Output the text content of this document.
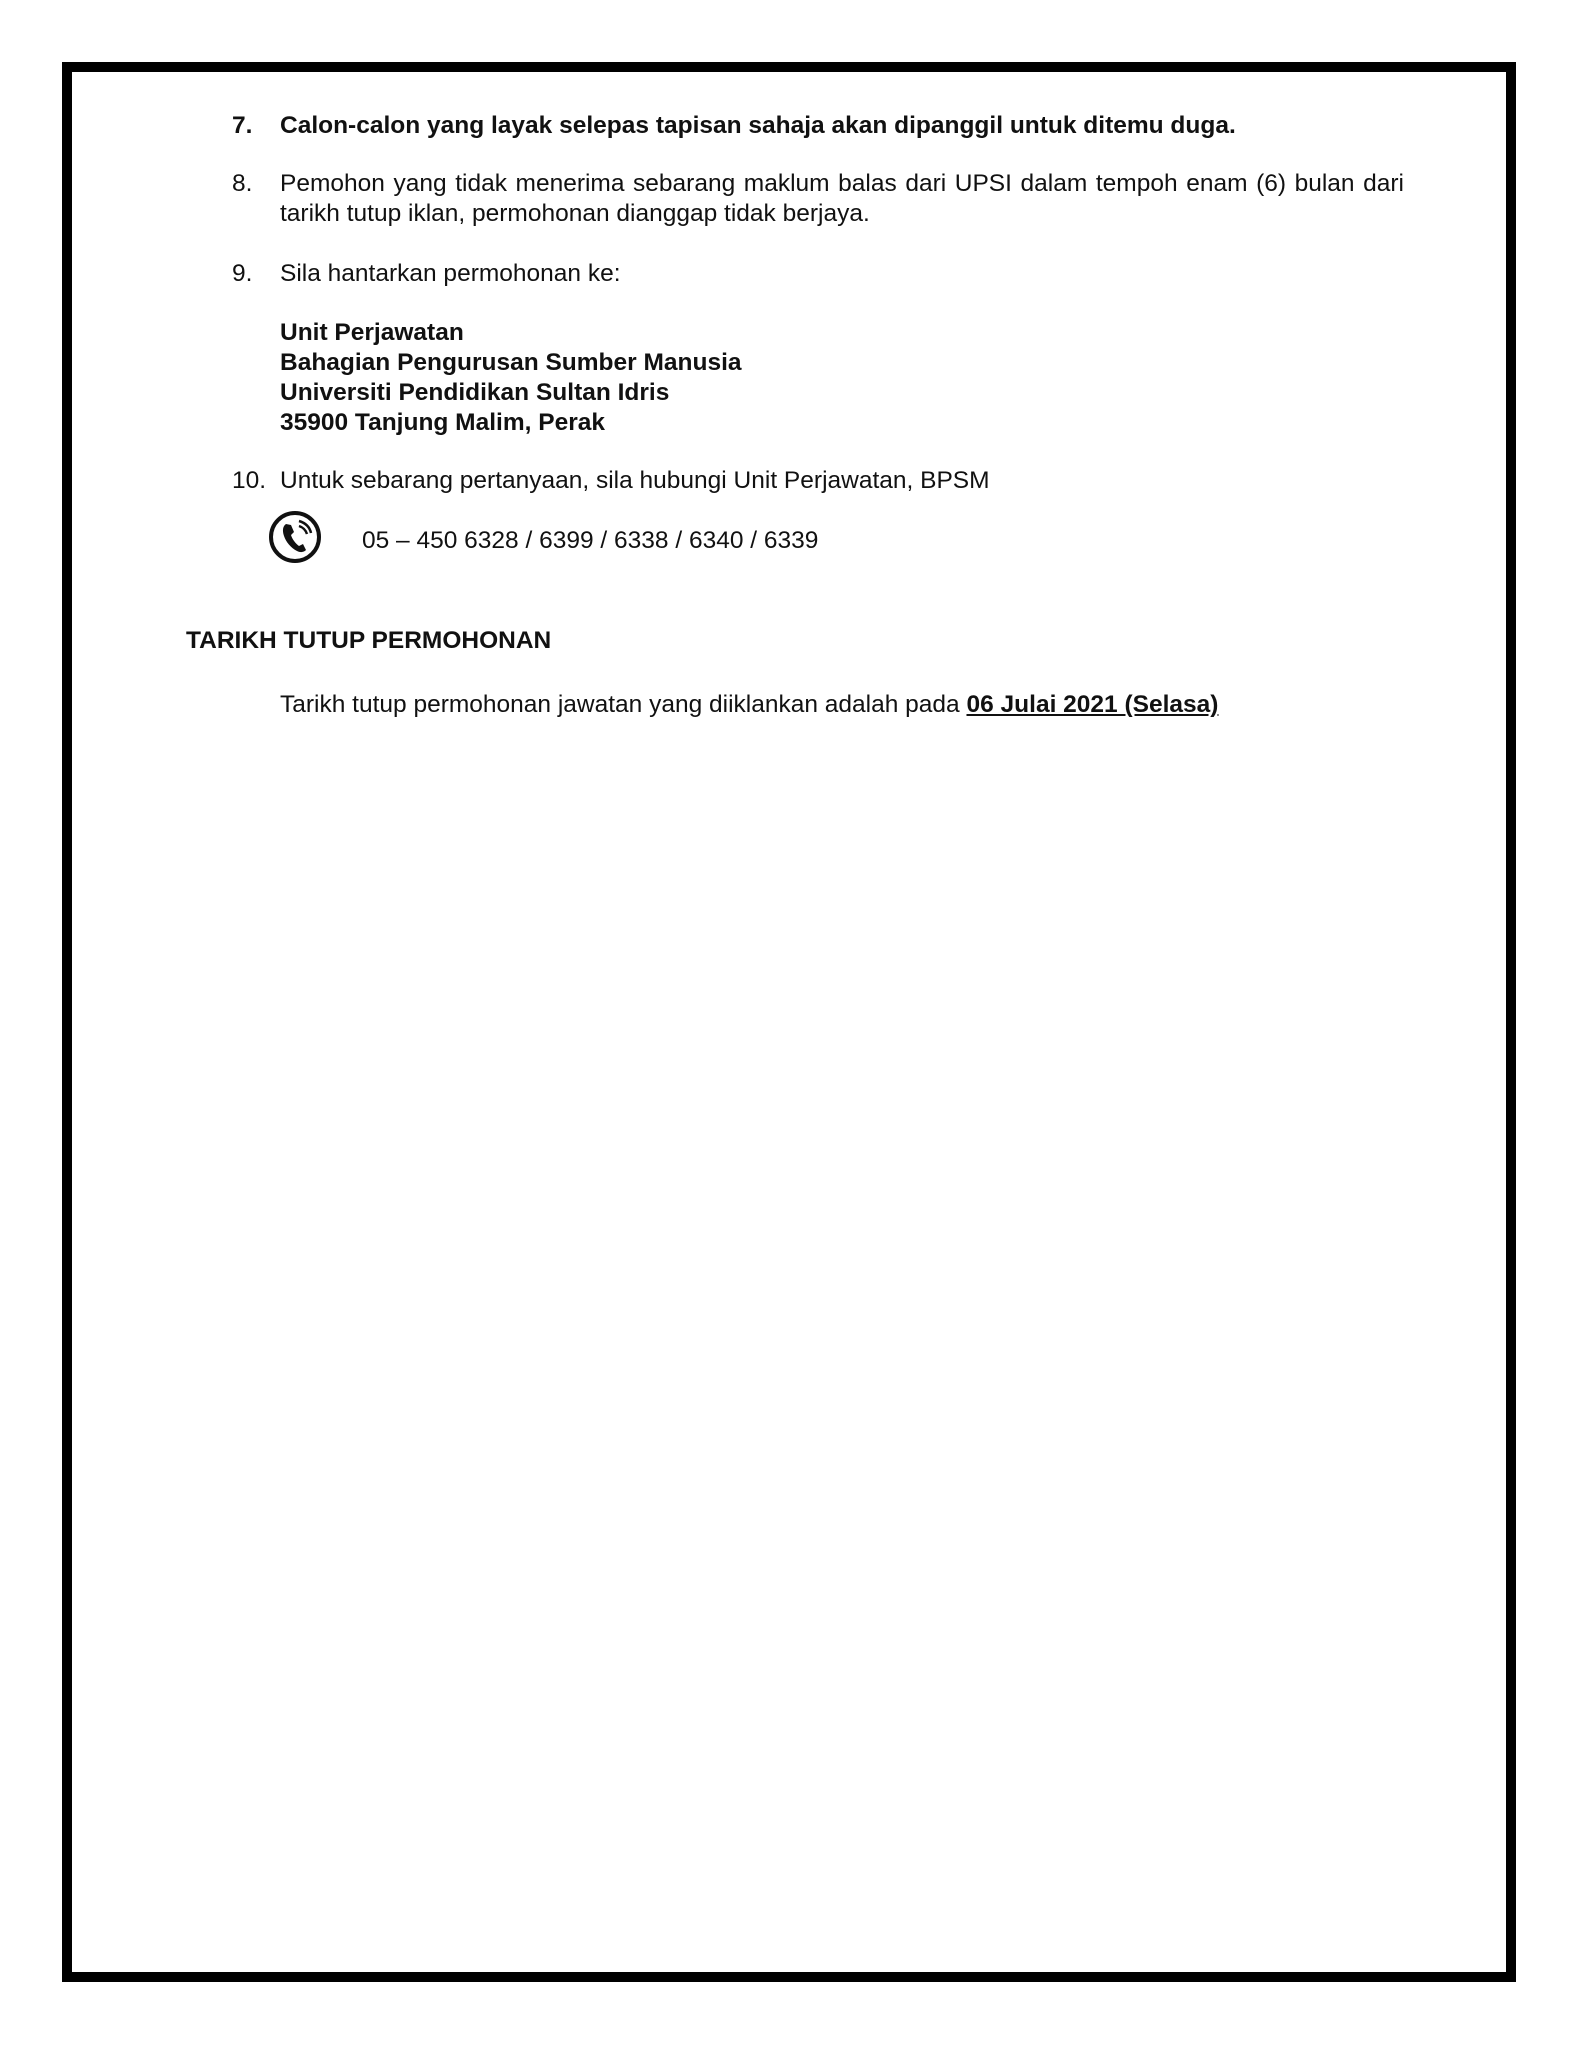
7. Calon-calon yang layak selepas tapisan sahaja akan dipanggil untuk ditemu duga.
8. Pemohon yang tidak menerima sebarang maklum balas dari UPSI dalam tempoh enam (6) bulan dari tarikh tutup iklan, permohonan dianggap tidak berjaya.
9. Sila hantarkan permohonan ke:
Unit Perjawatan
Bahagian Pengurusan Sumber Manusia
Universiti Pendidikan Sultan Idris
35900 Tanjung Malim, Perak
10. Untuk sebarang pertanyaan, sila hubungi Unit Perjawatan, BPSM
05 – 450 6328 / 6399 / 6338 / 6340 / 6339
TARIKH TUTUP PERMOHONAN
Tarikh tutup permohonan jawatan yang diiklankan adalah pada 06 Julai 2021 (Selasa)
